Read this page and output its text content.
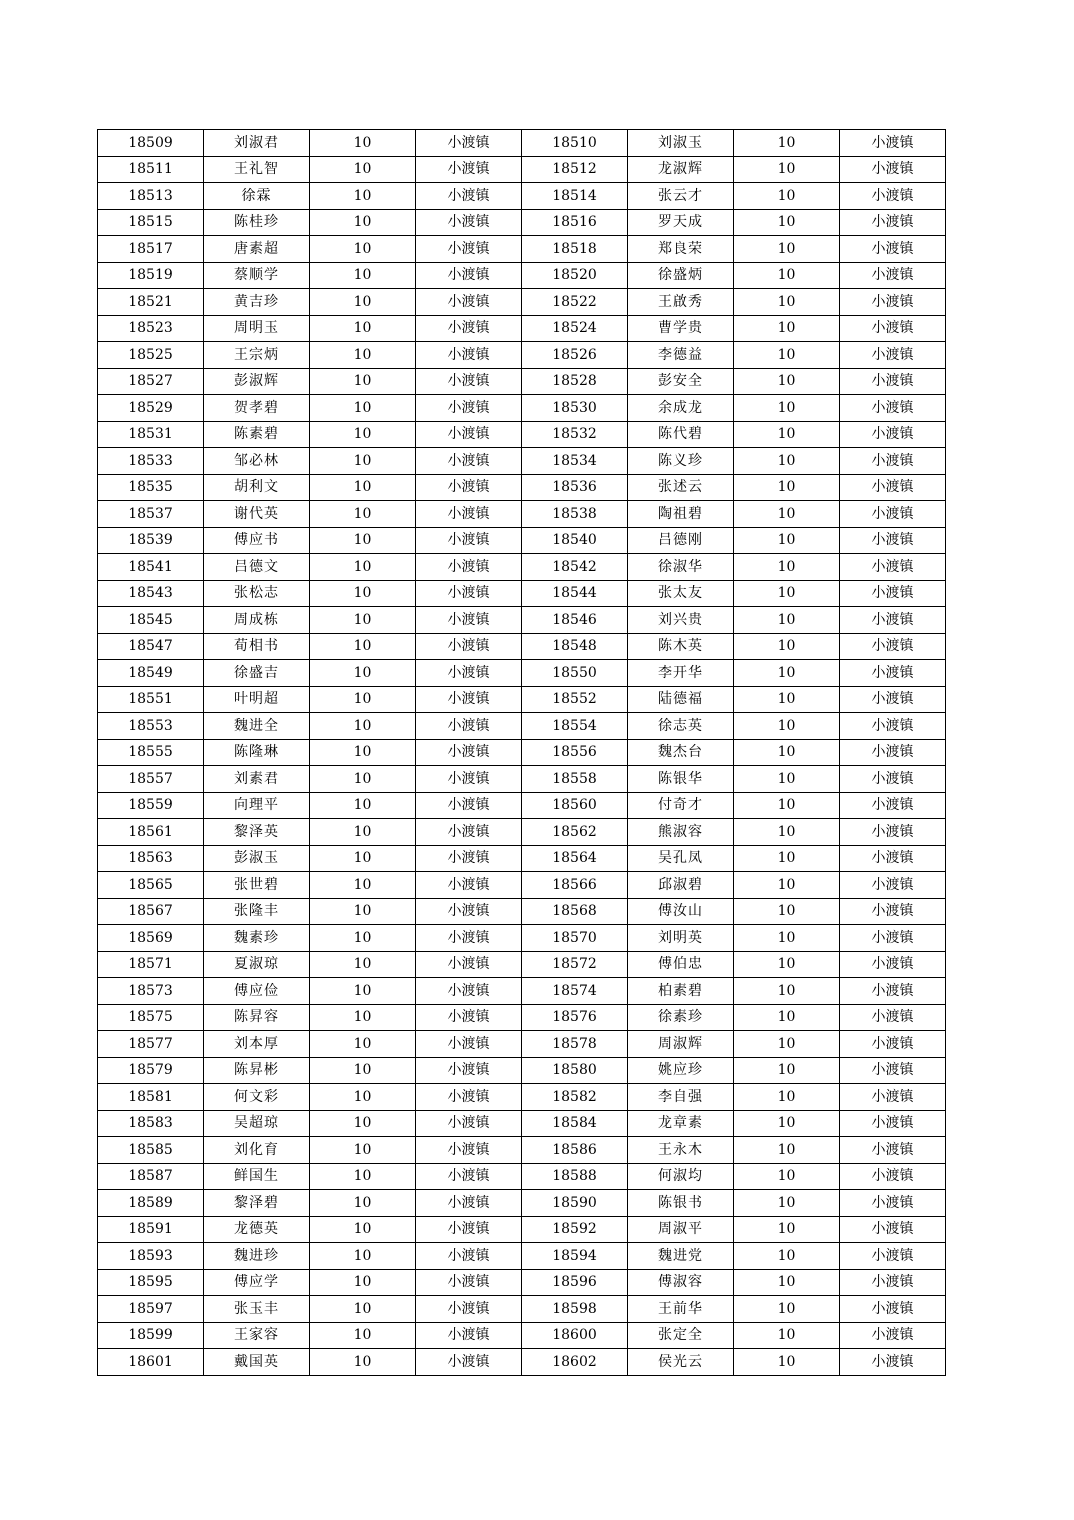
18509	刘淑君	10	小渡镇	18510	刘淑玉	10	小渡镇
18511	王礼智	10	小渡镇	18512	龙淑辉	10	小渡镇
18513	徐霖	10	小渡镇	18514	张云才	10	小渡镇
18515	陈桂珍	10	小渡镇	18516	罗天成	10	小渡镇
18517	唐素超	10	小渡镇	18518	郑良荣	10	小渡镇
18519	蔡顺学	10	小渡镇	18520	徐盛炳	10	小渡镇
18521	黄吉珍	10	小渡镇	18522	王啟秀	10	小渡镇
18523	周明玉	10	小渡镇	18524	曹学贵	10	小渡镇
18525	王宗炳	10	小渡镇	18526	李德益	10	小渡镇
18527	彭淑辉	10	小渡镇	18528	彭安全	10	小渡镇
18529	贺孝碧	10	小渡镇	18530	余成龙	10	小渡镇
18531	陈素碧	10	小渡镇	18532	陈代碧	10	小渡镇
18533	邹必林	10	小渡镇	18534	陈义珍	10	小渡镇
18535	胡利文	10	小渡镇	18536	张述云	10	小渡镇
18537	谢代英	10	小渡镇	18538	陶祖碧	10	小渡镇
18539	傅应书	10	小渡镇	18540	吕德刚	10	小渡镇
18541	吕德文	10	小渡镇	18542	徐淑华	10	小渡镇
18543	张松志	10	小渡镇	18544	张太友	10	小渡镇
18545	周成栋	10	小渡镇	18546	刘兴贵	10	小渡镇
18547	荀相书	10	小渡镇	18548	陈木英	10	小渡镇
18549	徐盛吉	10	小渡镇	18550	李开华	10	小渡镇
18551	叶明超	10	小渡镇	18552	陆德福	10	小渡镇
18553	魏进全	10	小渡镇	18554	徐志英	10	小渡镇
18555	陈隆琳	10	小渡镇	18556	魏杰台	10	小渡镇
18557	刘素君	10	小渡镇	18558	陈银华	10	小渡镇
18559	向理平	10	小渡镇	18560	付奇才	10	小渡镇
18561	黎泽英	10	小渡镇	18562	熊淑容	10	小渡镇
18563	彭淑玉	10	小渡镇	18564	吴孔凤	10	小渡镇
18565	张世碧	10	小渡镇	18566	邱淑碧	10	小渡镇
18567	张隆丰	10	小渡镇	18568	傅汝山	10	小渡镇
18569	魏素珍	10	小渡镇	18570	刘明英	10	小渡镇
18571	夏淑琼	10	小渡镇	18572	傅伯忠	10	小渡镇
18573	傅应俭	10	小渡镇	18574	柏素碧	10	小渡镇
18575	陈昇容	10	小渡镇	18576	徐素珍	10	小渡镇
18577	刘本厚	10	小渡镇	18578	周淑辉	10	小渡镇
18579	陈昇彬	10	小渡镇	18580	姚应珍	10	小渡镇
18581	何文彩	10	小渡镇	18582	李自强	10	小渡镇
18583	吴超琼	10	小渡镇	18584	龙章素	10	小渡镇
18585	刘化育	10	小渡镇	18586	王永木	10	小渡镇
18587	鲜国生	10	小渡镇	18588	何淑均	10	小渡镇
18589	黎泽碧	10	小渡镇	18590	陈银书	10	小渡镇
18591	龙德英	10	小渡镇	18592	周淑平	10	小渡镇
18593	魏进珍	10	小渡镇	18594	魏进党	10	小渡镇
18595	傅应学	10	小渡镇	18596	傅淑容	10	小渡镇
18597	张玉丰	10	小渡镇	18598	王前华	10	小渡镇
18599	王家容	10	小渡镇	18600	张定全	10	小渡镇
18601	戴国英	10	小渡镇	18602	侯光云	10	小渡镇
